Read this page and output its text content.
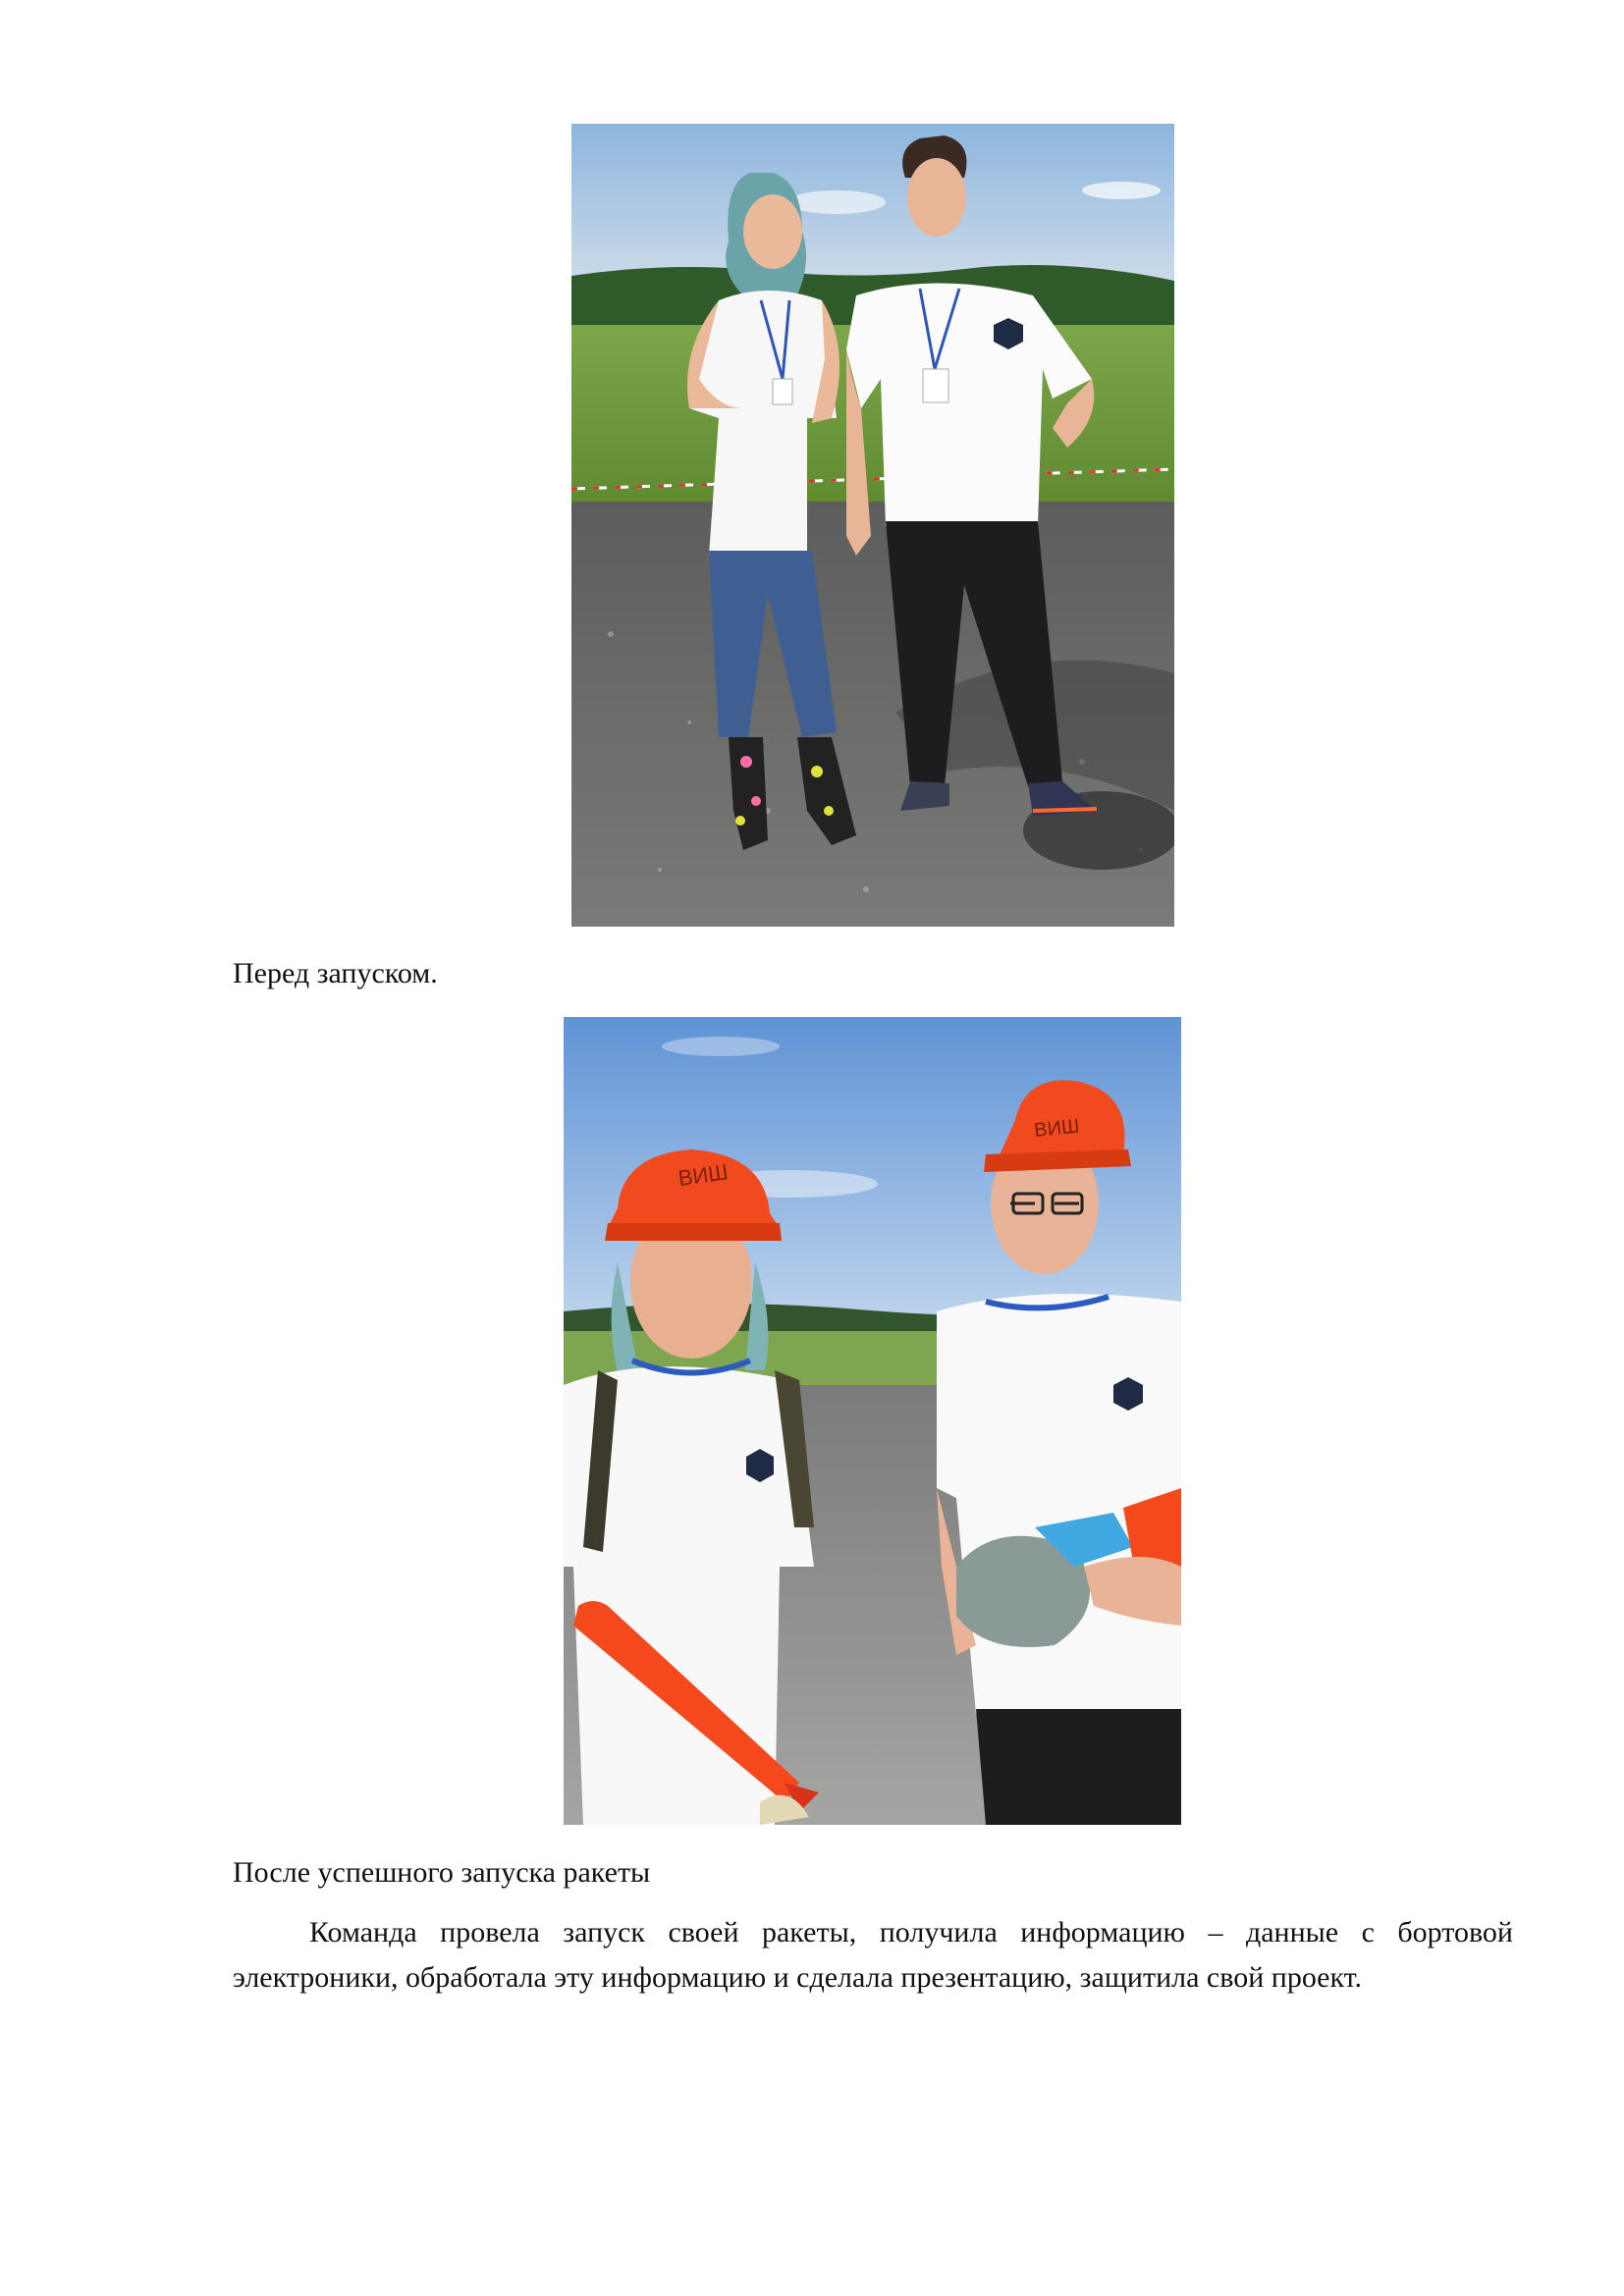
Перед запуском.
ВИШ
ВИШ
После успешного запуска ракеты

Команда провела запуск своей ракеты, получила информацию – данные с бортовой электроники, обработала эту информацию и сделала презентацию, защитила свой проект.
